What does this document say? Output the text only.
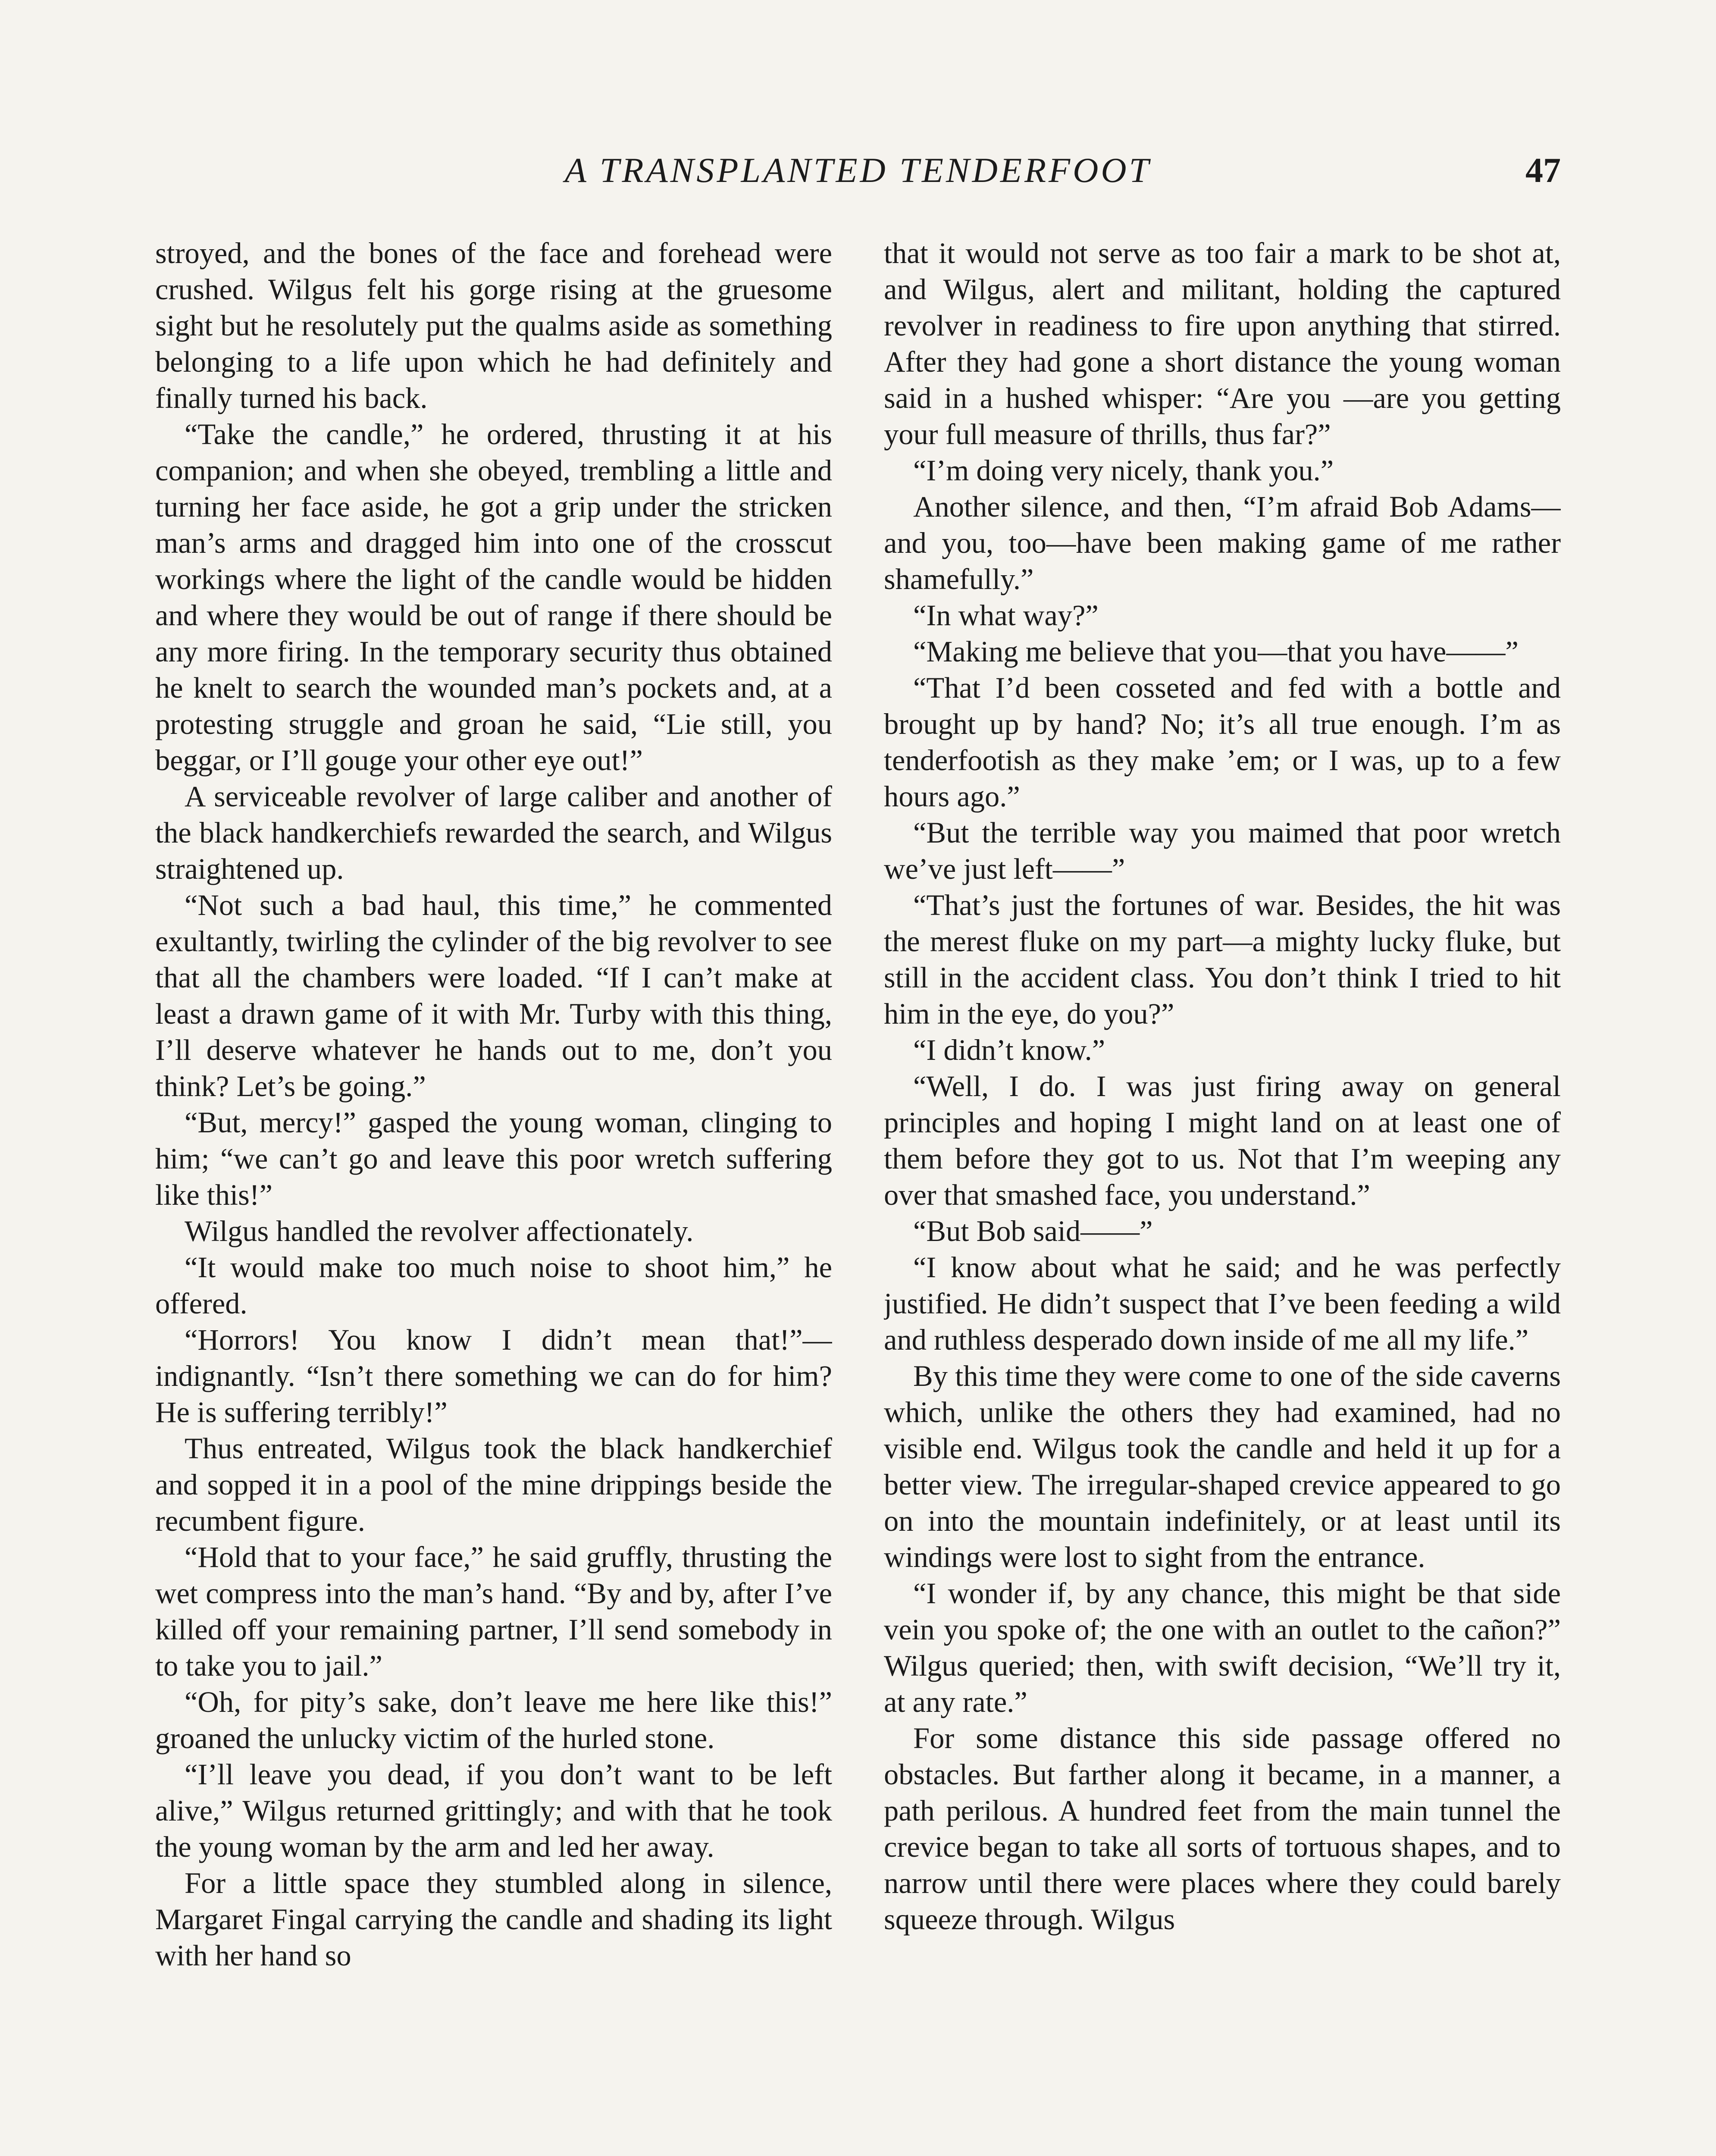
A TRANSPLANTED TENDERFOOT	47

stroyed, and the bones of the face and forehead were crushed. Wilgus felt his gorge rising at the gruesome sight but he resolutely put the qualms aside as something belonging to a life upon which he had definitely and finally turned his back.

“Take the candle,” he ordered, thrusting it at his companion; and when she obeyed, trembling a little and turning her face aside, he got a grip under the stricken man’s arms and dragged him into one of the crosscut workings where the light of the candle would be hidden and where they would be out of range if there should be any more firing. In the temporary security thus obtained he knelt to search the wounded man’s pockets and, at a protesting struggle and groan he said, “Lie still, you beggar, or I’ll gouge your other eye out!”

A serviceable revolver of large caliber and another of the black handkerchiefs rewarded the search, and Wilgus straightened up.

“Not such a bad haul, this time,” he commented exultantly, twirling the cylinder of the big revolver to see that all the chambers were loaded. “If I can’t make at least a drawn game of it with Mr. Turby with this thing, I’ll deserve whatever he hands out to me, don’t you think? Let’s be going.”

“But, mercy!” gasped the young woman, clinging to him; “we can’t go and leave this poor wretch suffering like this!”

Wilgus handled the revolver affectionately.

“It would make too much noise to shoot him,” he offered.

“Horrors! You know I didn’t mean that!”—indignantly. “Isn’t there something we can do for him? He is suffering terribly!”

Thus entreated, Wilgus took the black handkerchief and sopped it in a pool of the mine drippings beside the recumbent figure.

“Hold that to your face,” he said gruffly, thrusting the wet compress into the man’s hand. “By and by, after I’ve killed off your remaining partner, I’ll send somebody in to take you to jail.”

“Oh, for pity’s sake, don’t leave me here like this!” groaned the unlucky victim of the hurled stone.

“I’ll leave you dead, if you don’t want to be left alive,” Wilgus returned grittingly; and with that he took the young woman by the arm and led her away.

For a little space they stumbled along in silence, Margaret Fingal carrying the candle and shading its light with her hand so

that it would not serve as too fair a mark to be shot at, and Wilgus, alert and militant, holding the captured revolver in readiness to fire upon anything that stirred. After they had gone a short distance the young woman said in a hushed whisper: “Are you —are you getting your full measure of thrills, thus far?”

“I’m doing very nicely, thank you.”

Another silence, and then, “I’m afraid Bob Adams—and you, too—have been making game of me rather shamefully.”

“In what way?”

“Making me believe that you—that you have——”

“That I’d been cosseted and fed with a bottle and brought up by hand? No; it’s all true enough. I’m as tenderfootish as they make ’em; or I was, up to a few hours ago.”

“But the terrible way you maimed that poor wretch we’ve just left——”

“That’s just the fortunes of war. Besides, the hit was the merest fluke on my part—a mighty lucky fluke, but still in the accident class. You don’t think I tried to hit him in the eye, do you?”

“I didn’t know.”

“Well, I do. I was just firing away on general principles and hoping I might land on at least one of them before they got to us. Not that I’m weeping any over that smashed face, you understand.”

“But Bob said——”

“I know about what he said; and he was perfectly justified. He didn’t suspect that I’ve been feeding a wild and ruthless desperado down inside of me all my life.”

By this time they were come to one of the side caverns which, unlike the others they had examined, had no visible end. Wilgus took the candle and held it up for a better view. The irregular-shaped crevice appeared to go on into the mountain indefinitely, or at least until its windings were lost to sight from the entrance.

“I wonder if, by any chance, this might be that side vein you spoke of; the one with an outlet to the cañon?” Wilgus queried; then, with swift decision, “We’ll try it, at any rate.”

For some distance this side passage offered no obstacles. But farther along it became, in a manner, a path perilous. A hundred feet from the main tunnel the crevice began to take all sorts of tortuous shapes, and to narrow until there were places where they could barely squeeze through. Wilgus
